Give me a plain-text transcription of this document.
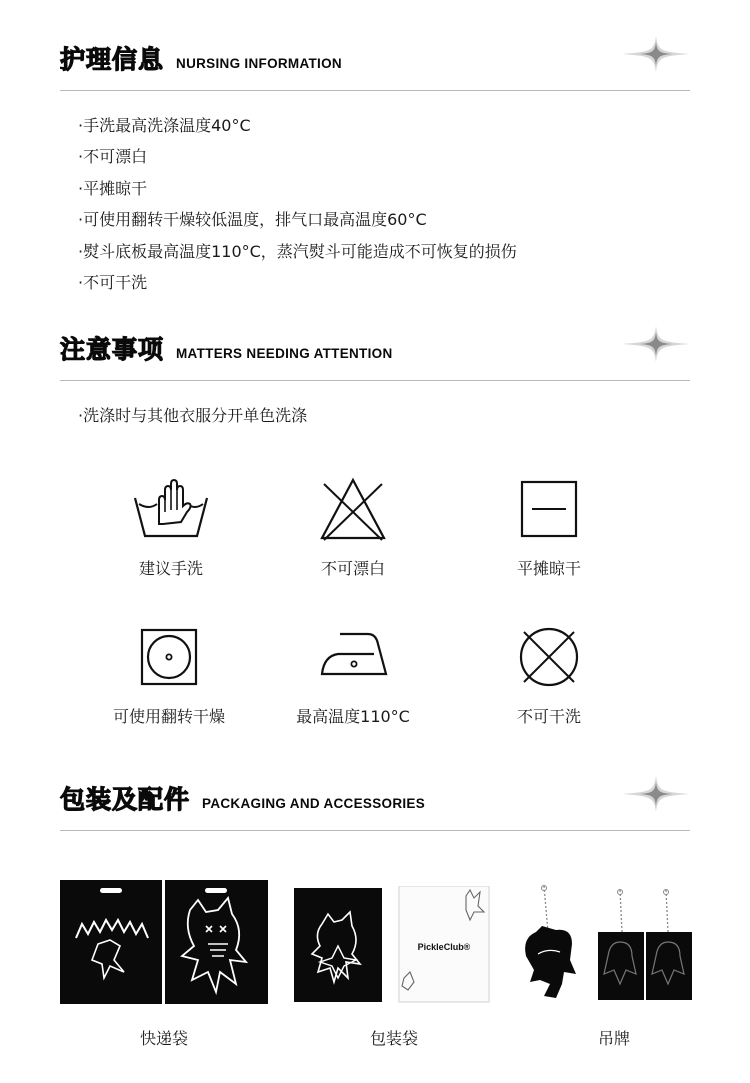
护理信息 NURSING INFORMATION
·手洗最高洗涤温度40°C
·不可漂白
·平摊晾干
·可使用翻转干燥较低温度，排气口最高温度60°C
·熨斗底板最高温度110°C，蒸汽熨斗可能造成不可恢复的损伤
·不可干洗
注意事项 MATTERS NEEDING ATTENTION
·洗涤时与其他衣服分开单色洗涤
建议手洗	不可漂白	平摊晾干
可使用翻转干燥	最高温度110°C	不可干洗
包装及配件 PACKAGING AND ACCESSORIES
快递袋
PickleClub®
包装袋	吊牌
